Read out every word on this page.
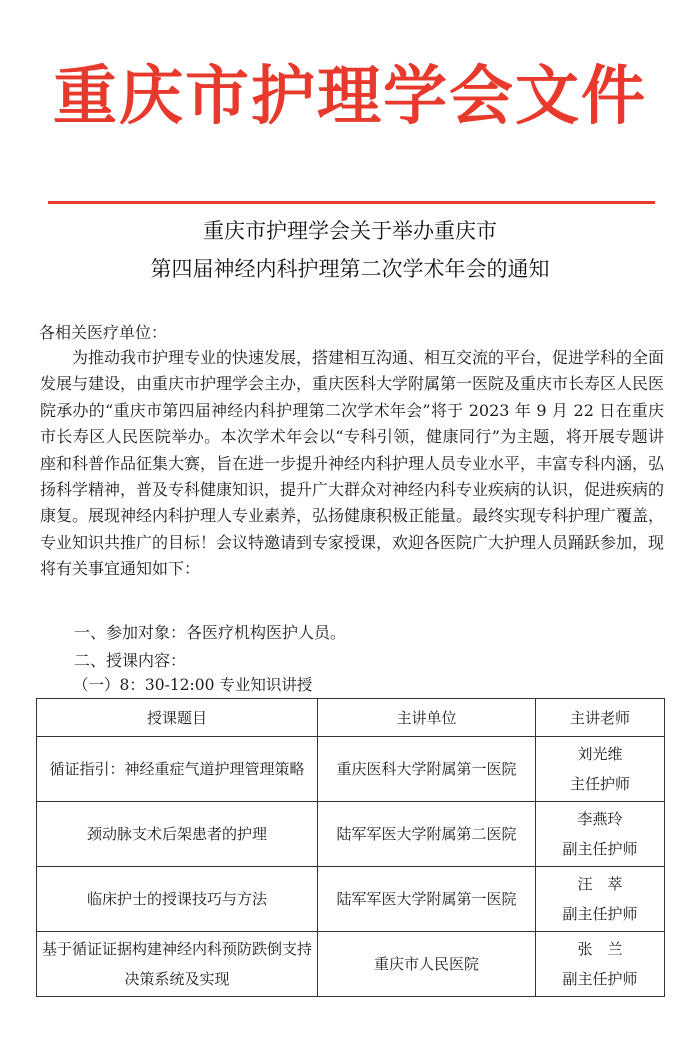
重庆市护理学会文件
重庆市护理学会关于举办重庆市
第四届神经内科护理第二次学术年会的通知
各相关医疗单位：
为推动我市护理专业的快速发展，搭建相互沟通、相互交流的平台，促进学科的全面发展与建设，由重庆市护理学会主办，重庆医科大学附属第一医院及重庆市长寿区人民医院承办的“重庆市第四届神经内科护理第二次学术年会”将于 2023 年 9 月 22 日在重庆市长寿区人民医院举办。本次学术年会以“专科引领，健康同行”为主题，将开展专题讲座和科普作品征集大赛，旨在进一步提升神经内科护理人员专业水平，丰富专科内涵，弘扬科学精神，普及专科健康知识，提升广大群众对神经内科专业疾病的认识，促进疾病的康复。展现神经内科护理人专业素养，弘扬健康积极正能量。最终实现专科护理广覆盖，专业知识共推广的目标！会议特邀请到专家授课，欢迎各医院广大护理人员踊跃参加，现将有关事宜通知如下：
一、参加对象：各医疗机构医护人员。
二、授课内容：
（一）8：30-12:00 专业知识讲授
授课题目	主讲单位	主讲老师
循证指引：神经重症气道护理管理策略	重庆医科大学附属第一医院	刘光维
主任护师

颈动脉支术后架患者的护理	陆军军医大学附属第二医院	李燕玲
副主任护师

临床护士的授课技巧与方法	陆军军医大学附属第一医院	汪　萃
副主任护师

基于循证证据构建神经内科预防跌倒支持决策系统及实现	重庆市人民医院	张　兰
副主任护师
